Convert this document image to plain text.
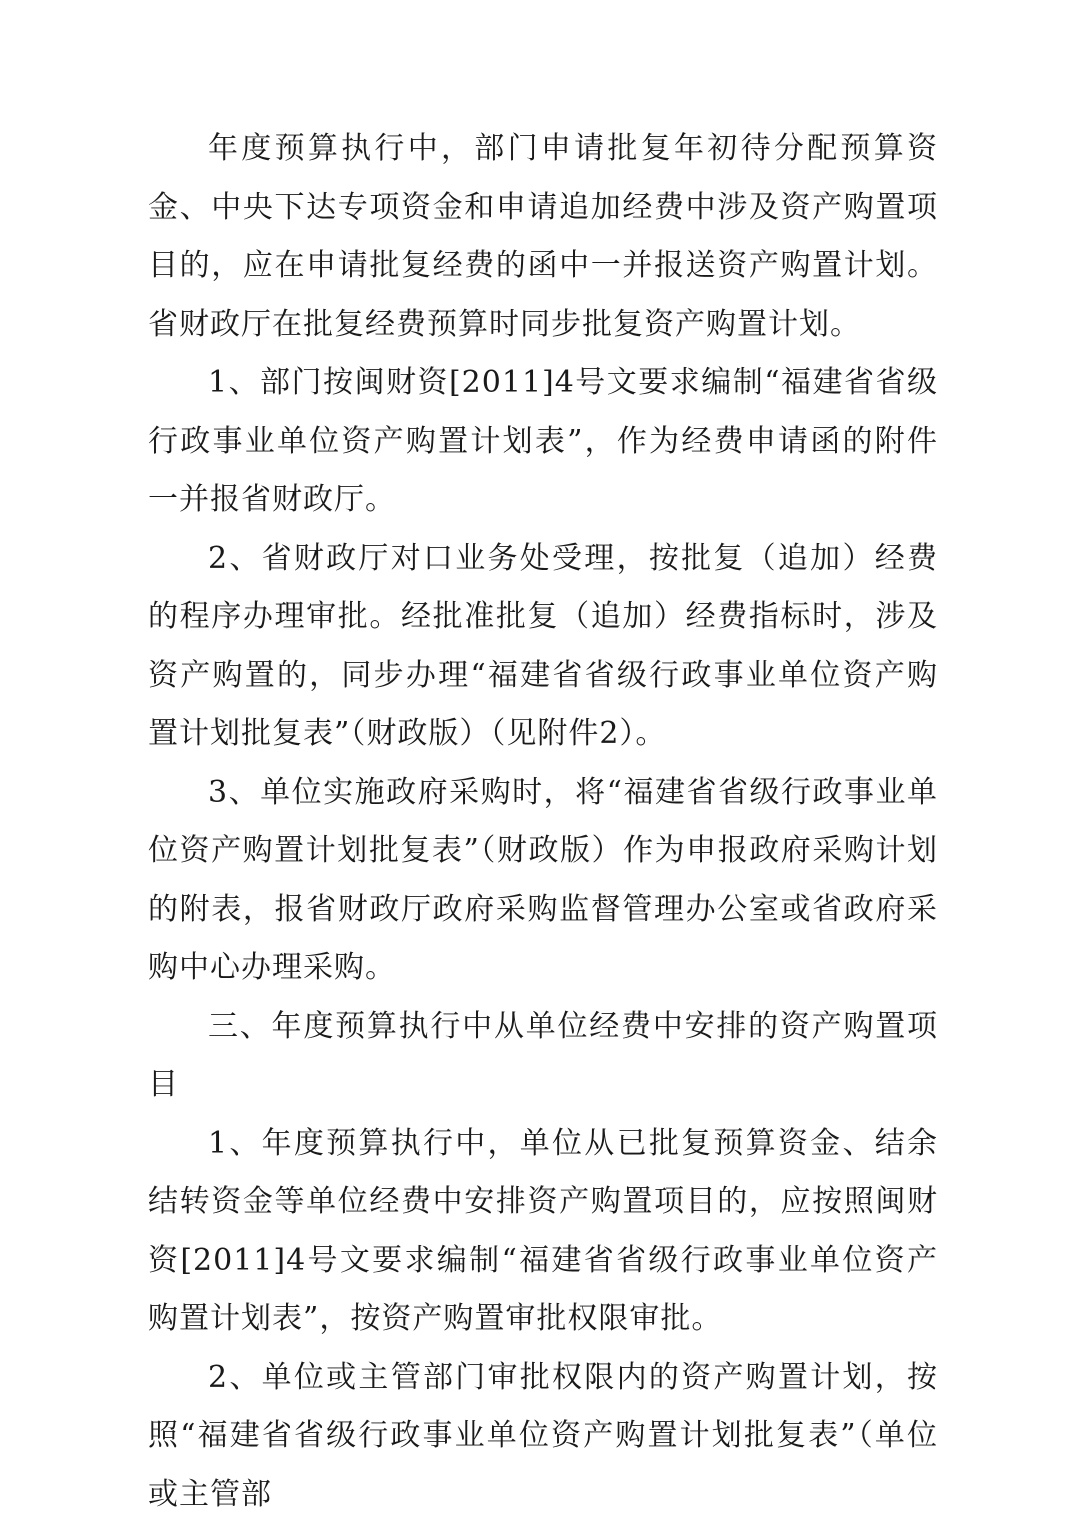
年度预算执行中，部门申请批复年初待分配预算资金、中央下达专项资金和申请追加经费中涉及资产购置项目的，应在申请批复经费的函中一并报送资产购置计划。省财政厅在批复经费预算时同步批复资产购置计划。

1、部门按闽财资[2011]4号文要求编制“福建省省级行政事业单位资产购置计划表”，作为经费申请函的附件一并报省财政厅。

2、省财政厅对口业务处受理，按批复（追加）经费的程序办理审批。经批准批复（追加）经费指标时，涉及资产购置的，同步办理“福建省省级行政事业单位资产购置计划批复表”（财政版）（见附件2）。

3、单位实施政府采购时，将“福建省省级行政事业单位资产购置计划批复表”（财政版）作为申报政府采购计划的附表，报省财政厅政府采购监督管理办公室或省政府采购中心办理采购。

三、年度预算执行中从单位经费中安排的资产购置项目

1、年度预算执行中，单位从已批复预算资金、结余结转资金等单位经费中安排资产购置项目的，应按照闽财资[2011]4号文要求编制“福建省省级行政事业单位资产购置计划表”，按资产购置审批权限审批。

2、单位或主管部门审批权限内的资产购置计划，按照“福建省省级行政事业单位资产购置计划批复表”（单位或主管部
